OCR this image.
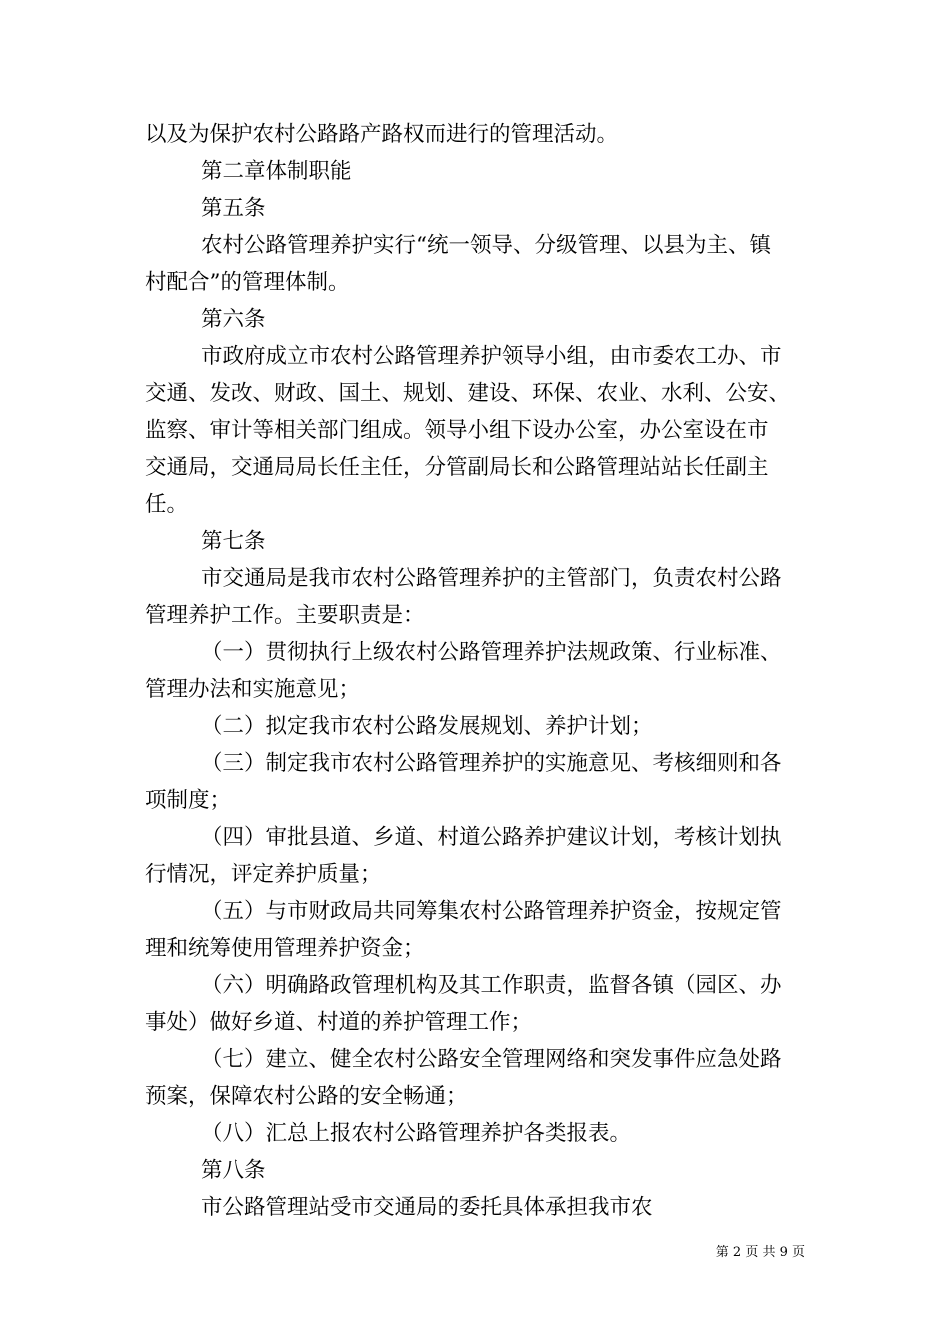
以及为保护农村公路路产路权而进行的管理活动。
第二章体制职能
第五条
农村公路管理养护实行“统一领导、分级管理、以县为主、镇
村配合”的管理体制。
第六条
市政府成立市农村公路管理养护领导小组，由市委农工办、市
交通、发改、财政、国土、规划、建设、环保、农业、水利、公安、
监察、审计等相关部门组成。领导小组下设办公室，办公室设在市
交通局，交通局局长任主任，分管副局长和公路管理站站长任副主
任。
第七条
市交通局是我市农村公路管理养护的主管部门，负责农村公路
管理养护工作。主要职责是：
（一）贯彻执行上级农村公路管理养护法规政策、行业标准、
管理办法和实施意见；
（二）拟定我市农村公路发展规划、养护计划；
（三）制定我市农村公路管理养护的实施意见、考核细则和各
项制度；
（四）审批县道、乡道、村道公路养护建议计划，考核计划执
行情况，评定养护质量；
（五）与市财政局共同筹集农村公路管理养护资金，按规定管
理和统筹使用管理养护资金；
（六）明确路政管理机构及其工作职责，监督各镇（园区、办
事处）做好乡道、村道的养护管理工作；
（七）建立、健全农村公路安全管理网络和突发事件应急处路
预案，保障农村公路的安全畅通；
（八）汇总上报农村公路管理养护各类报表。
第八条
市公路管理站受市交通局的委托具体承担我市农
第 2 页 共 9 页
